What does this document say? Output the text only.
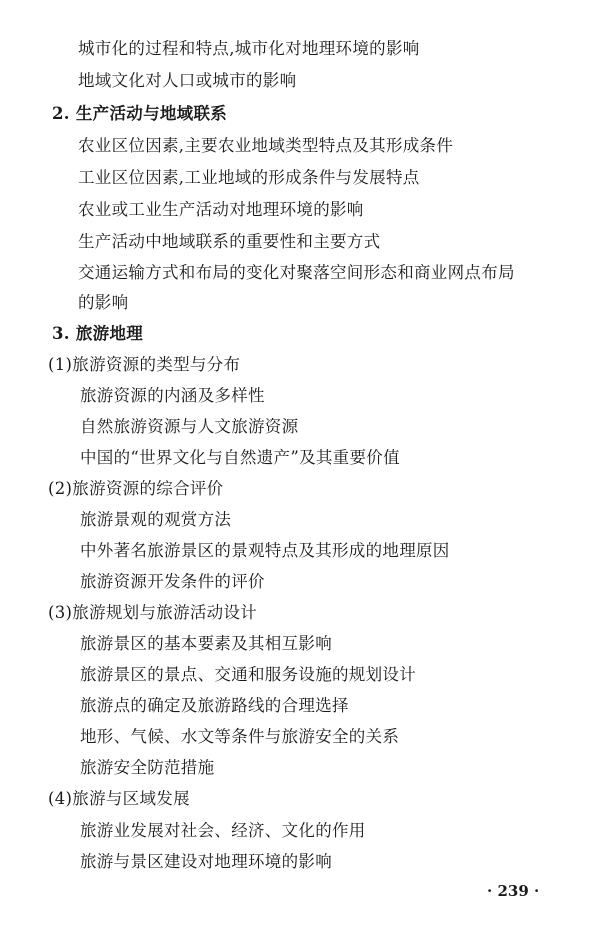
城市化的过程和特点,城市化对地理环境的影响
地域文化对人口或城市的影响
2. 生产活动与地域联系
农业区位因素,主要农业地域类型特点及其形成条件
工业区位因素,工业地域的形成条件与发展特点
农业或工业生产活动对地理环境的影响
生产活动中地域联系的重要性和主要方式
交通运输方式和布局的变化对聚落空间形态和商业网点布局
的影响
3. 旅游地理
(1)旅游资源的类型与分布
旅游资源的内涵及多样性
自然旅游资源与人文旅游资源
中国的“世界文化与自然遗产”及其重要价值
(2)旅游资源的综合评价
旅游景观的观赏方法
中外著名旅游景区的景观特点及其形成的地理原因
旅游资源开发条件的评价
(3)旅游规划与旅游活动设计
旅游景区的基本要素及其相互影响
旅游景区的景点、交通和服务设施的规划设计
旅游点的确定及旅游路线的合理选择
地形、气候、水文等条件与旅游安全的关系
旅游安全防范措施
(4)旅游与区域发展
旅游业发展对社会、经济、文化的作用
旅游与景区建设对地理环境的影响
· 239 ·
